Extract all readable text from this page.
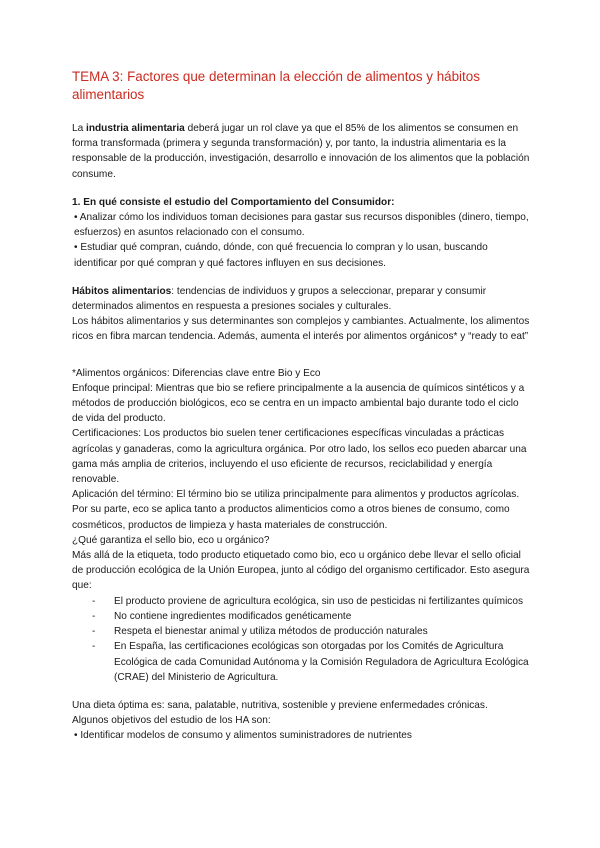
TEMA 3: Factores que determinan la elección de alimentos y hábitos alimentarios

La industria alimentaria deberá jugar un rol clave ya que el 85% de los alimentos se consumen en forma transformada (primera y segunda transformación) y, por tanto, la industria alimentaria es la responsable de la producción, investigación, desarrollo e innovación de los alimentos que la población consume.

1. En qué consiste el estudio del Comportamiento del Consumidor:

• Analizar cómo los individuos toman decisiones para gastar sus recursos disponibles (dinero, tiempo, esfuerzos) en asuntos relacionado con el consumo.

• Estudiar qué compran, cuándo, dónde, con qué frecuencia lo compran y lo usan, buscando identificar por qué compran y qué factores influyen en sus decisiones.

Hábitos alimentarios: tendencias de individuos y grupos a seleccionar, preparar y consumir determinados alimentos en respuesta a presiones sociales y culturales.

Los hábitos alimentarios y sus determinantes son complejos y cambiantes. Actualmente, los alimentos ricos en fibra marcan tendencia. Además, aumenta el interés por alimentos orgánicos* y “ready to eat”

*Alimentos orgánicos: Diferencias clave entre Bio y Eco

Enfoque principal: Mientras que bio se refiere principalmente a la ausencia de químicos sintéticos y a métodos de producción biológicos, eco se centra en un impacto ambiental bajo durante todo el ciclo de vida del producto.

Certificaciones: Los productos bio suelen tener certificaciones específicas vinculadas a prácticas agrícolas y ganaderas, como la agricultura orgánica. Por otro lado, los sellos eco pueden abarcar una gama más amplia de criterios, incluyendo el uso eficiente de recursos, reciclabilidad y energía renovable.

Aplicación del término: El término bio se utiliza principalmente para alimentos y productos agrícolas. Por su parte, eco se aplica tanto a productos alimenticios como a otros bienes de consumo, como cosméticos, productos de limpieza y hasta materiales de construcción.

¿Qué garantiza el sello bio, eco u orgánico?

Más allá de la etiqueta, todo producto etiquetado como bio, eco u orgánico debe llevar el sello oficial de producción ecológica de la Unión Europea, junto al código del organismo certificador. Esto asegura que:

- El producto proviene de agricultura ecológica, sin uso de pesticidas ni fertilizantes químicos
- No contiene ingredientes modificados genéticamente
- Respeta el bienestar animal y utiliza métodos de producción naturales
- En España, las certificaciones ecológicas son otorgadas por los Comités de Agricultura Ecológica de cada Comunidad Autónoma y la Comisión Reguladora de Agricultura Ecológica (CRAE) del Ministerio de Agricultura.

Una dieta óptima es: sana, palatable, nutritiva, sostenible y previene enfermedades crónicas.

Algunos objetivos del estudio de los HA son:

• Identificar modelos de consumo y alimentos suministradores de nutrientes
